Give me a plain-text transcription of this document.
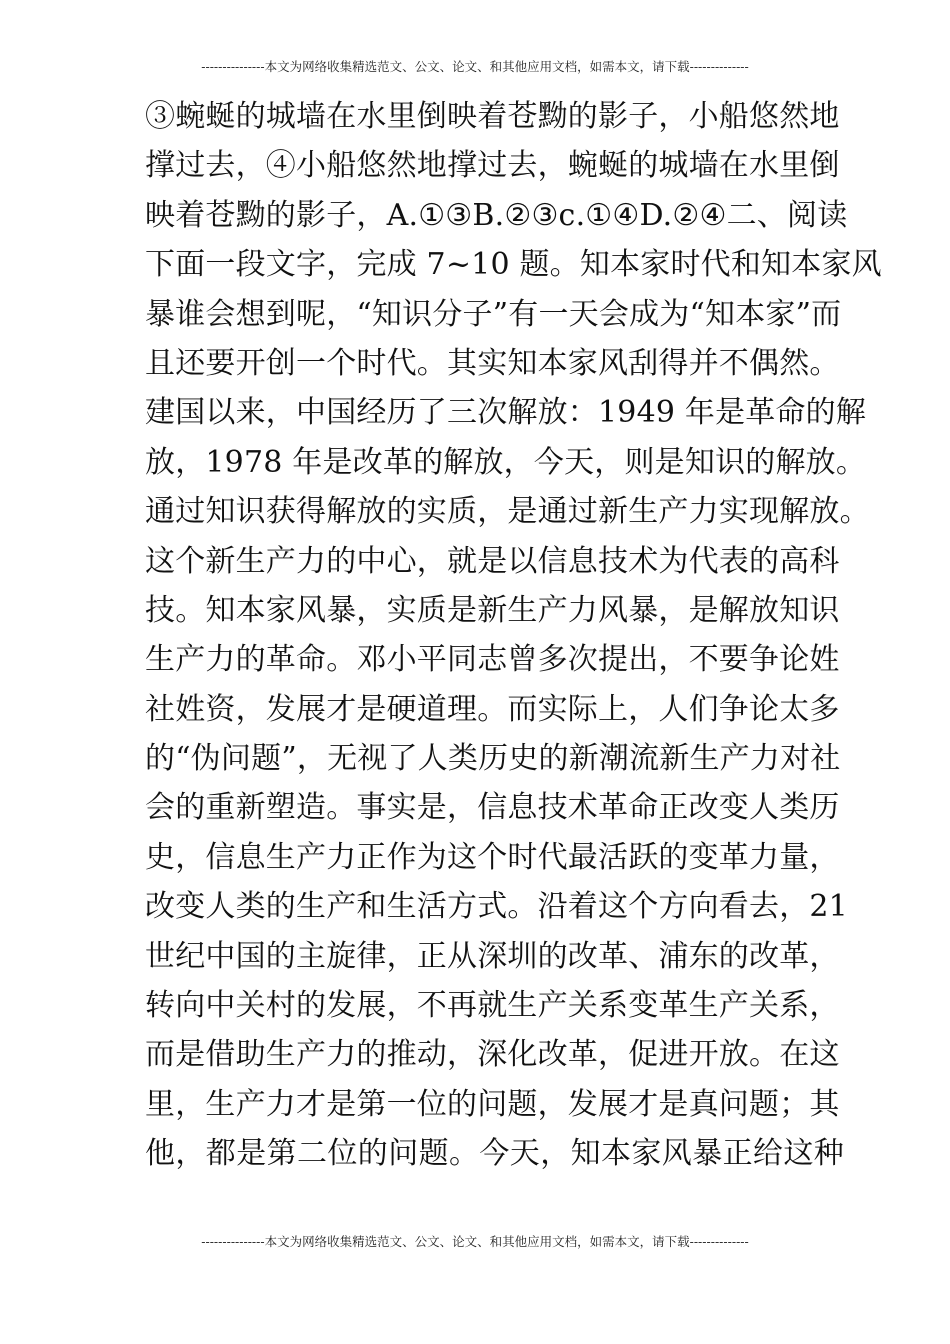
---------------本文为网络收集精选范文、公文、论文、和其他应用文档，如需本文，请下载--------------
③蜿蜒的城墙在水里倒映着苍黝的影子，小船悠然地
撑过去，④小船悠然地撑过去，蜿蜒的城墙在水里倒
映着苍黝的影子，A.①③B.②③c.①④D.②④二、阅读
下面一段文字，完成 7~10 题。知本家时代和知本家风
暴谁会想到呢，“知识分子”有一天会成为“知本家”而
且还要开创一个时代。其实知本家风刮得并不偶然。
建国以来，中国经历了三次解放：1949 年是革命的解
放，1978 年是改革的解放，今天，则是知识的解放。
通过知识获得解放的实质，是通过新生产力实现解放。
这个新生产力的中心，就是以信息技术为代表的高科
技。知本家风暴，实质是新生产力风暴，是解放知识
生产力的革命。邓小平同志曾多次提出，不要争论姓
社姓资，发展才是硬道理。而实际上，人们争论太多
的“伪问题”，无视了人类历史的新潮流新生产力对社
会的重新塑造。事实是，信息技术革命正改变人类历
史，信息生产力正作为这个时代最活跃的变革力量，
改变人类的生产和生活方式。沿着这个方向看去，21
世纪中国的主旋律，正从深圳的改革、浦东的改革，
转向中关村的发展，不再就生产关系变革生产关系，
而是借助生产力的推动，深化改革，促进开放。在这
里，生产力才是第一位的问题，发展才是真问题；其
他，都是第二位的问题。今天，知本家风暴正给这种
---------------本文为网络收集精选范文、公文、论文、和其他应用文档，如需本文，请下载--------------
